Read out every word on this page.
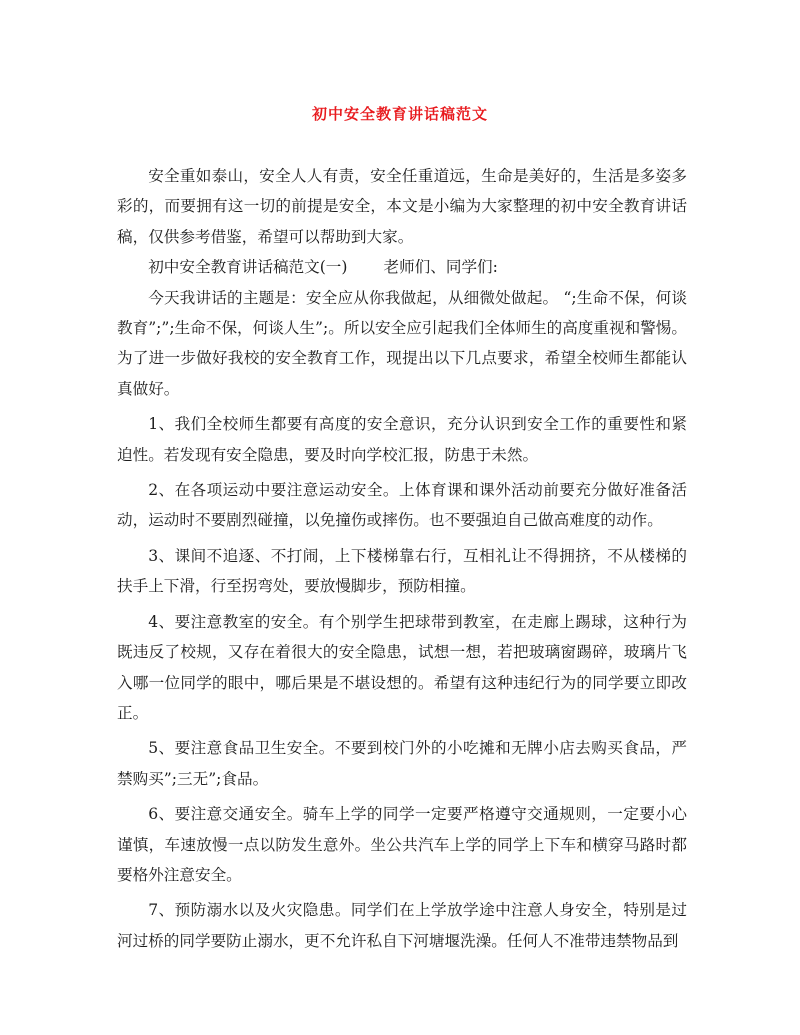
初中安全教育讲话稿范文

安全重如泰山，安全人人有责，安全任重道远，生命是美好的，生活是多姿多彩的，而要拥有这一切的前提是安全，本文是小编为大家整理的初中安全教育讲话稿，仅供参考借鉴，希望可以帮助到大家。

初中安全教育讲话稿范文(一) 老师们、同学们:

今天我讲话的主题是：安全应从你我做起，从细微处做起。 “;生命不保，何谈教育”;”;生命不保，何谈人生”;。所以安全应引起我们全体师生的高度重视和警惕。为了进一步做好我校的安全教育工作，现提出以下几点要求，希望全校师生都能认真做好。

1、我们全校师生都要有高度的安全意识，充分认识到安全工作的重要性和紧迫性。若发现有安全隐患，要及时向学校汇报，防患于未然。

2、在各项运动中要注意运动安全。上体育课和课外活动前要充分做好准备活动，运动时不要剧烈碰撞，以免撞伤或摔伤。也不要强迫自己做高难度的动作。

3、课间不追逐、不打闹，上下楼梯靠右行，互相礼让不得拥挤，不从楼梯的扶手上下滑，行至拐弯处，要放慢脚步，预防相撞。

4、要注意教室的安全。有个别学生把球带到教室，在走廊上踢球，这种行为既违反了校规，又存在着很大的安全隐患，试想一想，若把玻璃窗踢碎，玻璃片飞入哪一位同学的眼中，哪后果是不堪设想的。希望有这种违纪行为的同学要立即改正。

5、要注意食品卫生安全。不要到校门外的小吃摊和无牌小店去购买食品，严禁购买”;三无”;食品。

6、要注意交通安全。骑车上学的同学一定要严格遵守交通规则，一定要小心谨慎，车速放慢一点以防发生意外。坐公共汽车上学的同学上下车和横穿马路时都要格外注意安全。

7、预防溺水以及火灾隐患。同学们在上学放学途中注意人身安全，特别是过河过桥的同学要防止溺水，更不允许私自下河塘堰洗澡。任何人不准带违禁物品到
